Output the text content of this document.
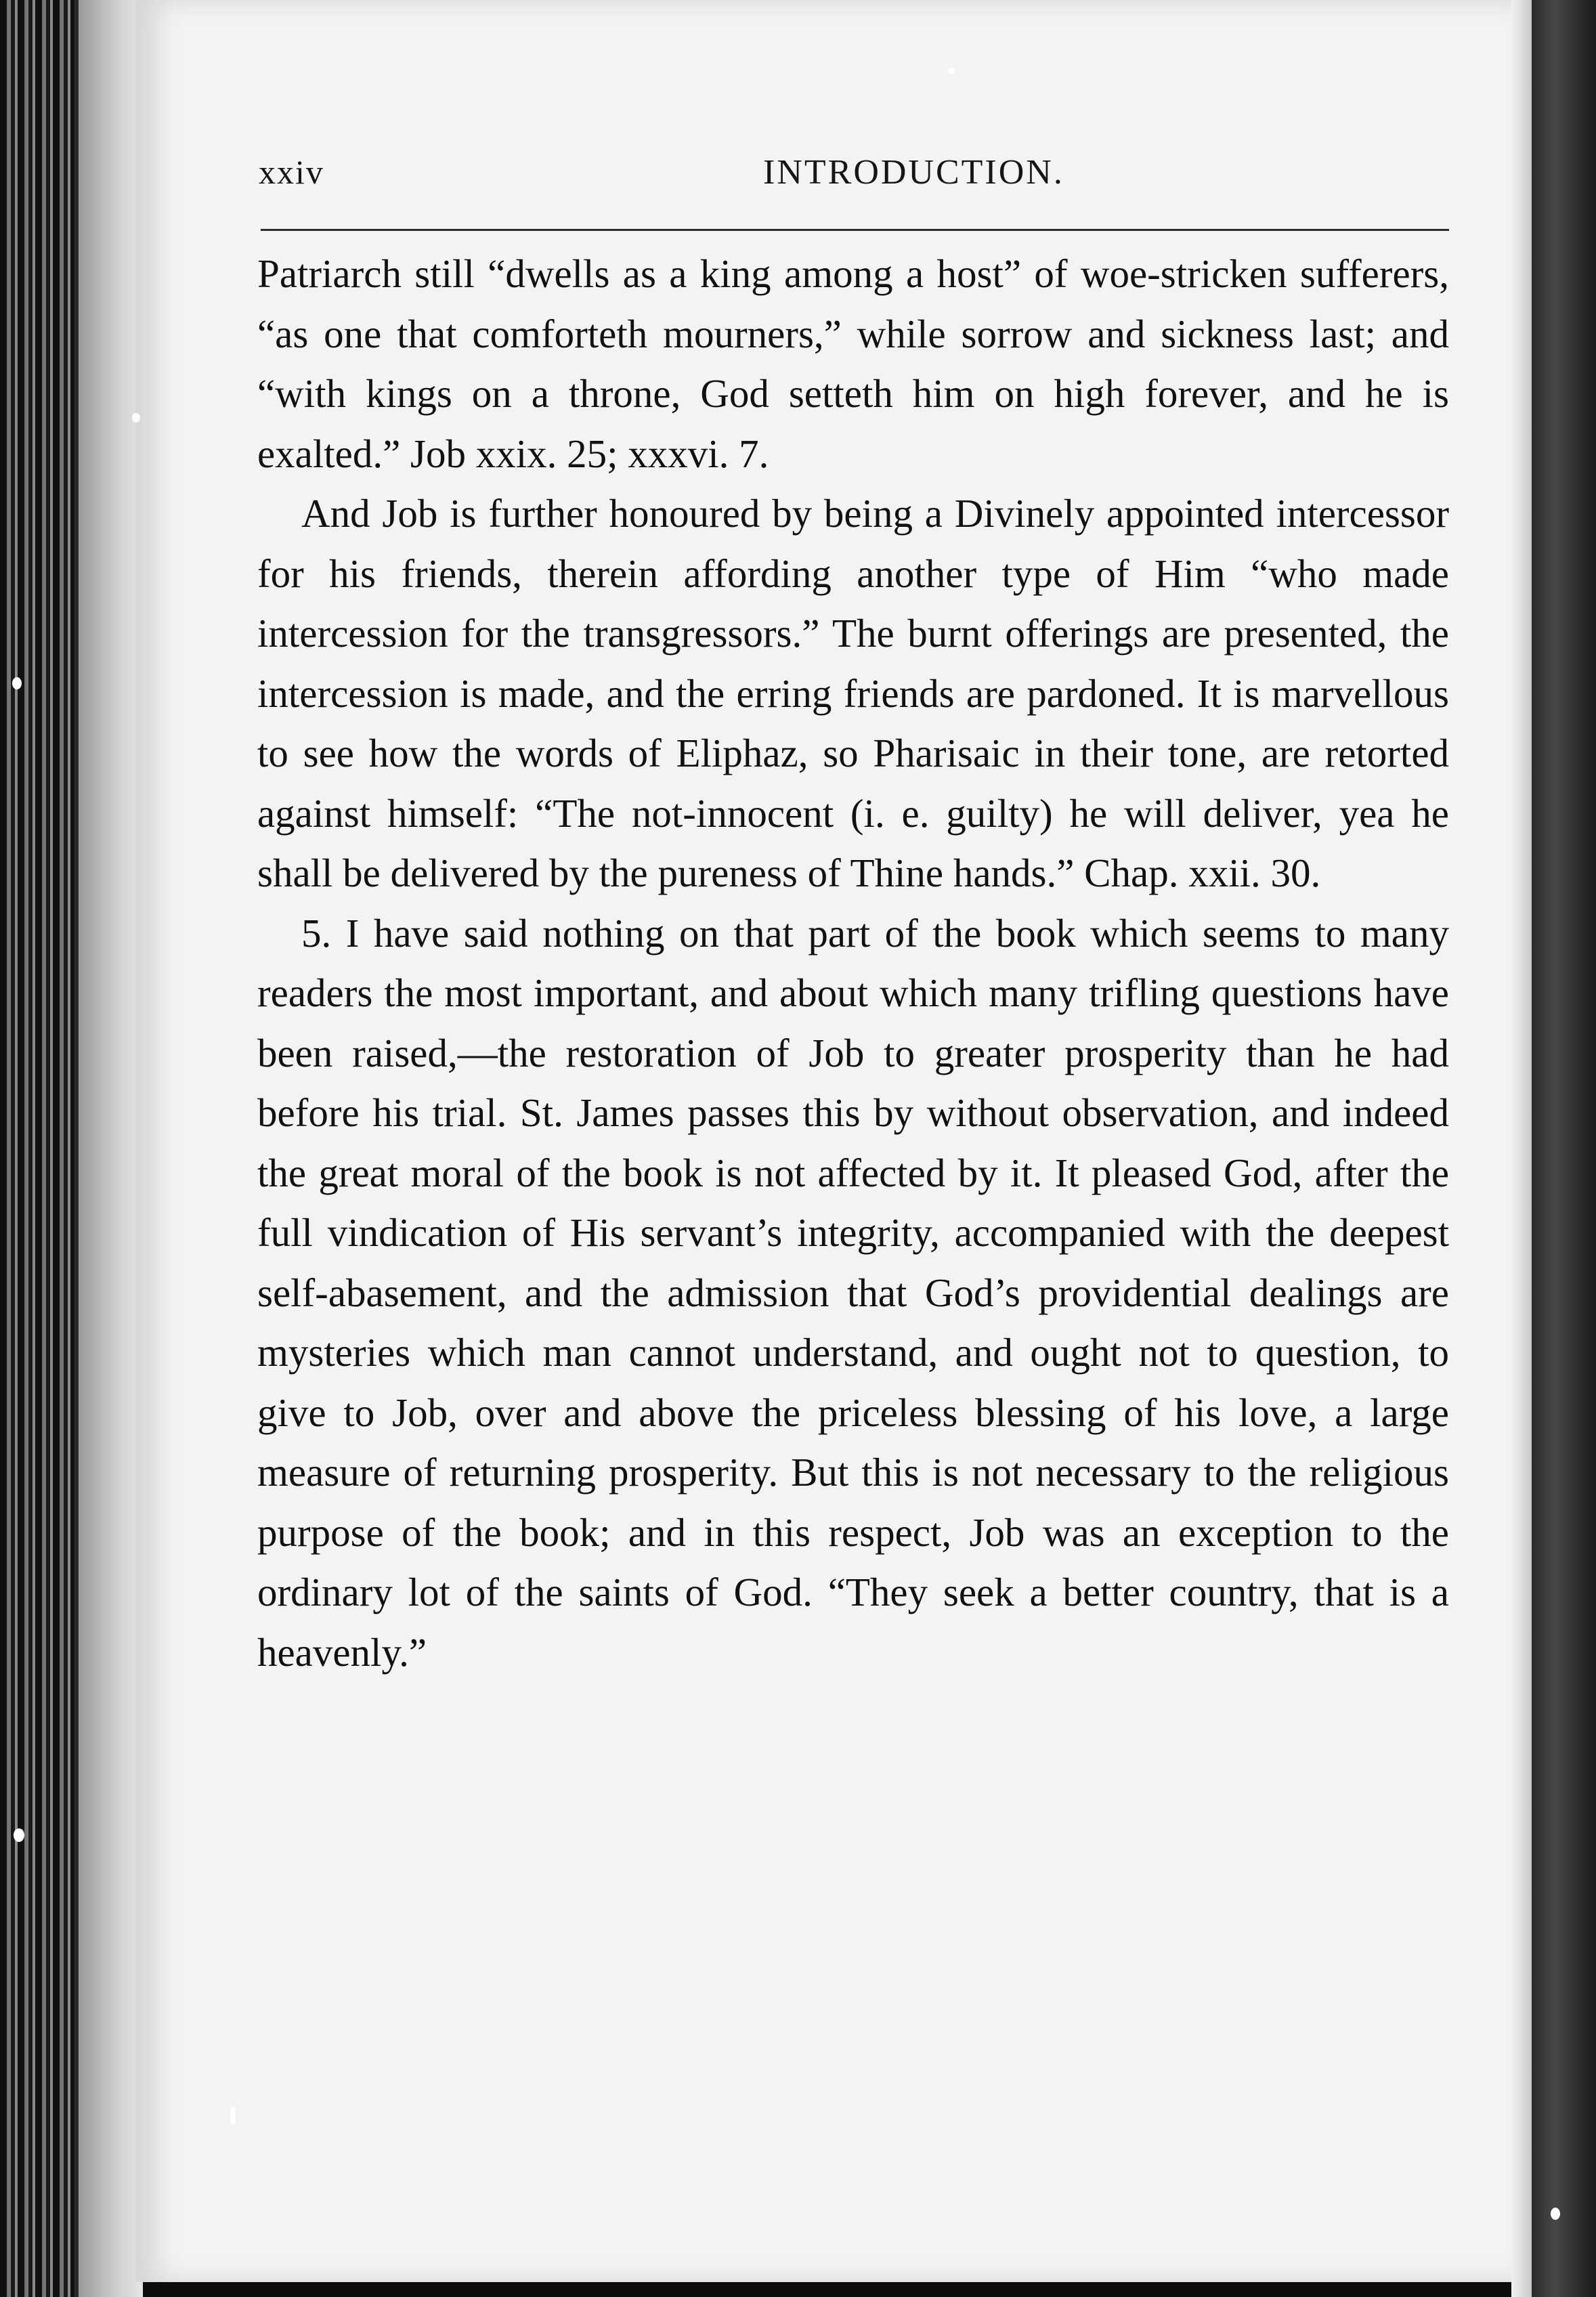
xxiv	INTRODUCTION.

Patriarch still “dwells as a king among a host” of woe-stricken sufferers, “as one that comforteth mourners,” while sorrow and sickness last; and “with kings on a throne, God setteth him on high forever, and he is exalted.” Job xxix. 25; xxxvi. 7.

And Job is further honoured by being a Divinely appointed intercessor for his friends, therein affording another type of Him “who made intercession for the transgressors.” The burnt offerings are presented, the intercession is made, and the erring friends are pardoned. It is marvellous to see how the words of Eliphaz, so Pharisaic in their tone, are retorted against himself: “The not-innocent (i. e. guilty) he will deliver, yea he shall be delivered by the pureness of Thine hands.” Chap. xxii. 30.

5. I have said nothing on that part of the book which seems to many readers the most important, and about which many trifling questions have been raised,—the restoration of Job to greater prosperity than he had before his trial. St. James passes this by without observation, and indeed the great moral of the book is not affected by it. It pleased God, after the full vindication of His servant’s integrity, accompanied with the deepest self-abasement, and the admission that God’s providential dealings are mysteries which man cannot understand, and ought not to question, to give to Job, over and above the priceless blessing of his love, a large measure of returning prosperity. But this is not necessary to the religious purpose of the book; and in this respect, Job was an exception to the ordinary lot of the saints of God. “They seek a better country, that is a heavenly.”
